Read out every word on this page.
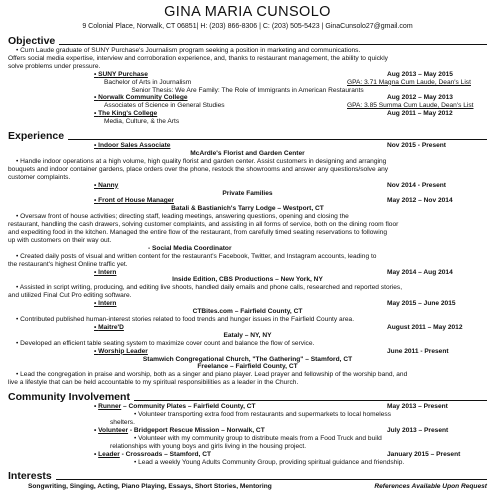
GINA MARIA CUNSOLO
9 Colonial Place, Norwalk, CT 06851| H: (203) 866-8306 | C: (203) 505-5423 | GinaCunsolo27@gmail.com
Objective
• Cum Laude graduate of SUNY Purchase's Journalism program seeking a position in marketing and communications.
Offers social media expertise, interview and corroboration experience, and, thanks to restaurant management, the ability to quickly
solve problems under pressure.
• SUNY Purchase	Aug 2013 – May 2015
Bachelor of Arts in Journalism	GPA: 3.71 Magna Cum Laude, Dean's List
Senior Thesis: We Are Family: The Role of Immigrants in American Restaurants
• Norwalk Community College	Aug 2012 – May 2013
Associates of Science in General Studies	GPA: 3.85 Summa Cum Laude, Dean's List
• The King's College	Aug 2011 – May 2012
Media, Culture, & the Arts
Experience
• Indoor Sales Associate	Nov 2015 - Present
McArdle's Florist and Garden Center
• Handle indoor operations at a high volume, high quality florist and garden center. Assist customers in designing and arranging
bouquets and indoor container gardens, place orders over the phone, restock the showrooms and answer any questions/solve any
customer complaints.
• Nanny	Nov 2014 - Present
Private Families
• Front of House Manager	May 2012 – Nov 2014
Batali & Bastianich's Tarry Lodge – Westport, CT
• Oversaw front of house activities; directing staff, leading meetings, answering questions, opening and closing the
restaurant, handling the cash drawers, solving customer complaints, and assisting in all forms of service, both on the dining room floor
and expediting food in the kitchen. Managed the entire flow of the restaurant, from carefully timed seating reservations to following
up with customers on their way out.
- Social Media Coordinator
• Created daily posts of visual and written content for the restaurant's Facebook, Twitter, and Instagram accounts, leading to
the restaurant's highest Online traffic yet.
• Intern	May 2014 – Aug 2014
Inside Edition, CBS Productions – New York, NY
• Assisted in script writing, producing, and editing live shoots, handled daily emails and phone calls, researched and reported stories,
and utilized Final Cut Pro editing software.
• Intern	May 2015 – June 2015
CTBites.com – Fairfield County, CT
• Contributed published human-interest stories related to food trends and hunger issues in the Fairfield County area.
• Maitre'D	August 2011 – May 2012
Eataly – NY, NY
• Developed an efficient table seating system to maximize cover count and balance the flow of service.
• Worship Leader	June 2011 - Present
Stamwich Congregational Church, "The Gathering" – Stamford, CT
Freelance – Fairfield County, CT
• Lead the congregation in praise and worship, both as a singer and piano player. Lead prayer and fellowship of the worship band, and
live a lifestyle that can be held accountable to my spiritual responsibilities as a leader in the Church.
Community Involvement
• Runner – Community Plates – Fairfield County, CT	May 2013 – Present
• Volunteer transporting extra food from restaurants and supermarkets to local homeless
shelters.
• Volunteer - Bridgeport Rescue Mission – Norwalk, CT	July 2013 – Present
• Volunteer with my community group to distribute meals from a Food Truck and build
relationships with young boys and girls living in the housing project.
• Leader - Crossroads – Stamford, CT	January 2015 – Present
• Lead a weekly Young Adults Community Group, providing spiritual guidance and friendship.
Interests
Songwriting, Singing, Acting, Piano Playing, Essays, Short Stories, Mentoring	References Available Upon Request
